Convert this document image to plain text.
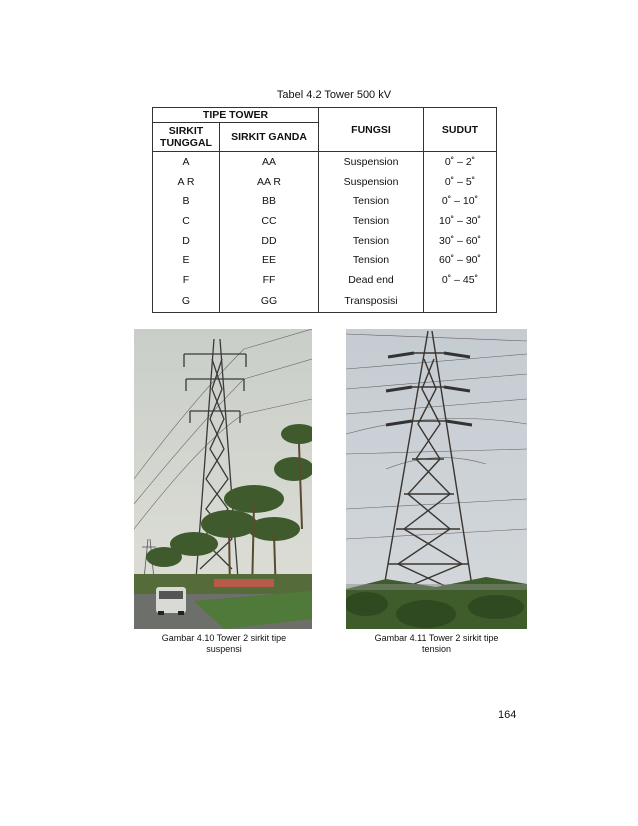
Tabel 4.2 Tower 500 kV
TIPE TOWER		FUNGSI	SUDUT
SIRKIT TUNGGAL	SIRKIT GANDA		
A	AA	Suspension	0˚ – 2˚
A R	AA R	Suspension	0˚ – 5˚
B	BB	Tension	0˚ – 10˚
C	CC	Tension	10˚ – 30˚
D	DD	Tension	30˚ – 60˚
E	EE	Tension	60˚ – 90˚
F	FF	Dead end	0˚ – 45˚
G	GG	Transposisi	
Gambar 4.10 Tower 2 sirkit tipe
suspensi
Gambar 4.11 Tower 2 sirkit tipe
tension
164
